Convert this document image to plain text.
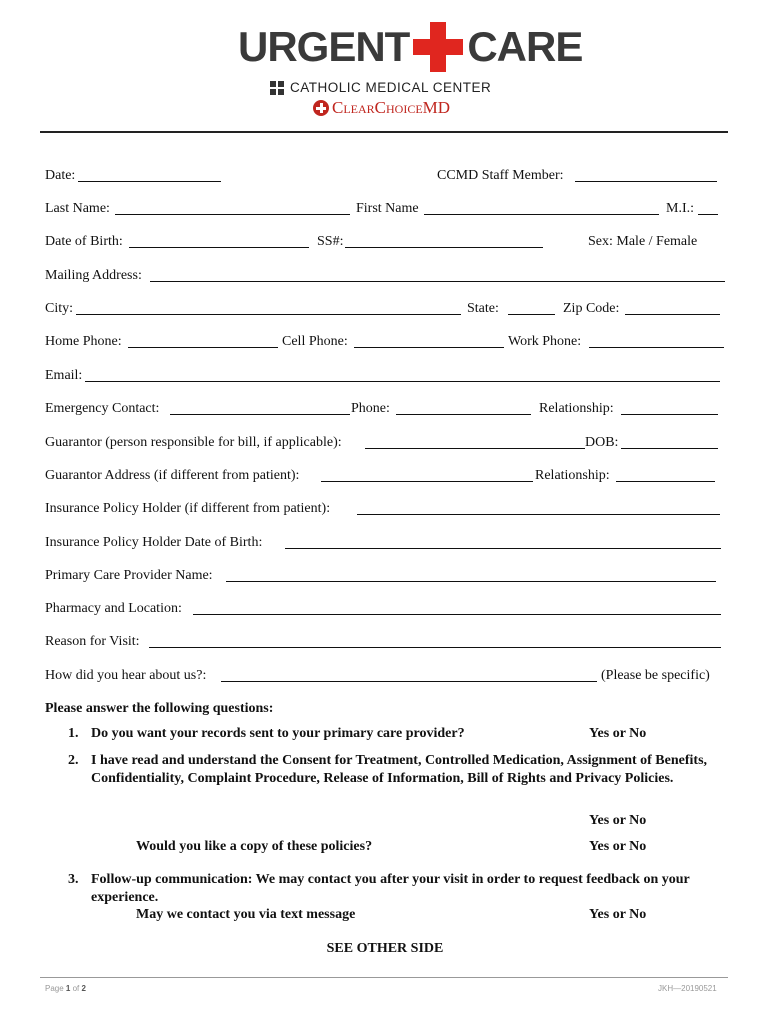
URGENT CARE
CATHOLIC MEDICAL CENTER
ClearChoiceMD
Date:	CCMD Staff Member:
Last Name:	First Name	M.I.:
Date of Birth:	SS#:	Sex: Male / Female
Mailing Address:
City:	State:	Zip Code:
Home Phone:	Cell Phone:	Work Phone:
Email:
Emergency Contact:	Phone:	Relationship:
Guarantor (person responsible for bill, if applicable):	DOB:
Guarantor Address (if different from patient):	Relationship:
Insurance Policy Holder (if different from patient):
Insurance Policy Holder Date of Birth:
Primary Care Provider Name:
Pharmacy and Location:
Reason for Visit:
How did you hear about us?:	(Please be specific)
Please answer the following questions:
1. Do you want your records sent to your primary care provider?	Yes or No
2. I have read and understand the Consent for Treatment, Controlled Medication, Assignment of Benefits, Confidentiality, Complaint Procedure, Release of Information, Bill of Rights and Privacy Policies.
Yes or No
Would you like a copy of these policies?	Yes or No
3. Follow-up communication: We may contact you after your visit in order to request feedback on your experience.
May we contact you via text message	Yes or No
SEE OTHER SIDE
Page 1 of 2	JKH—20190521
